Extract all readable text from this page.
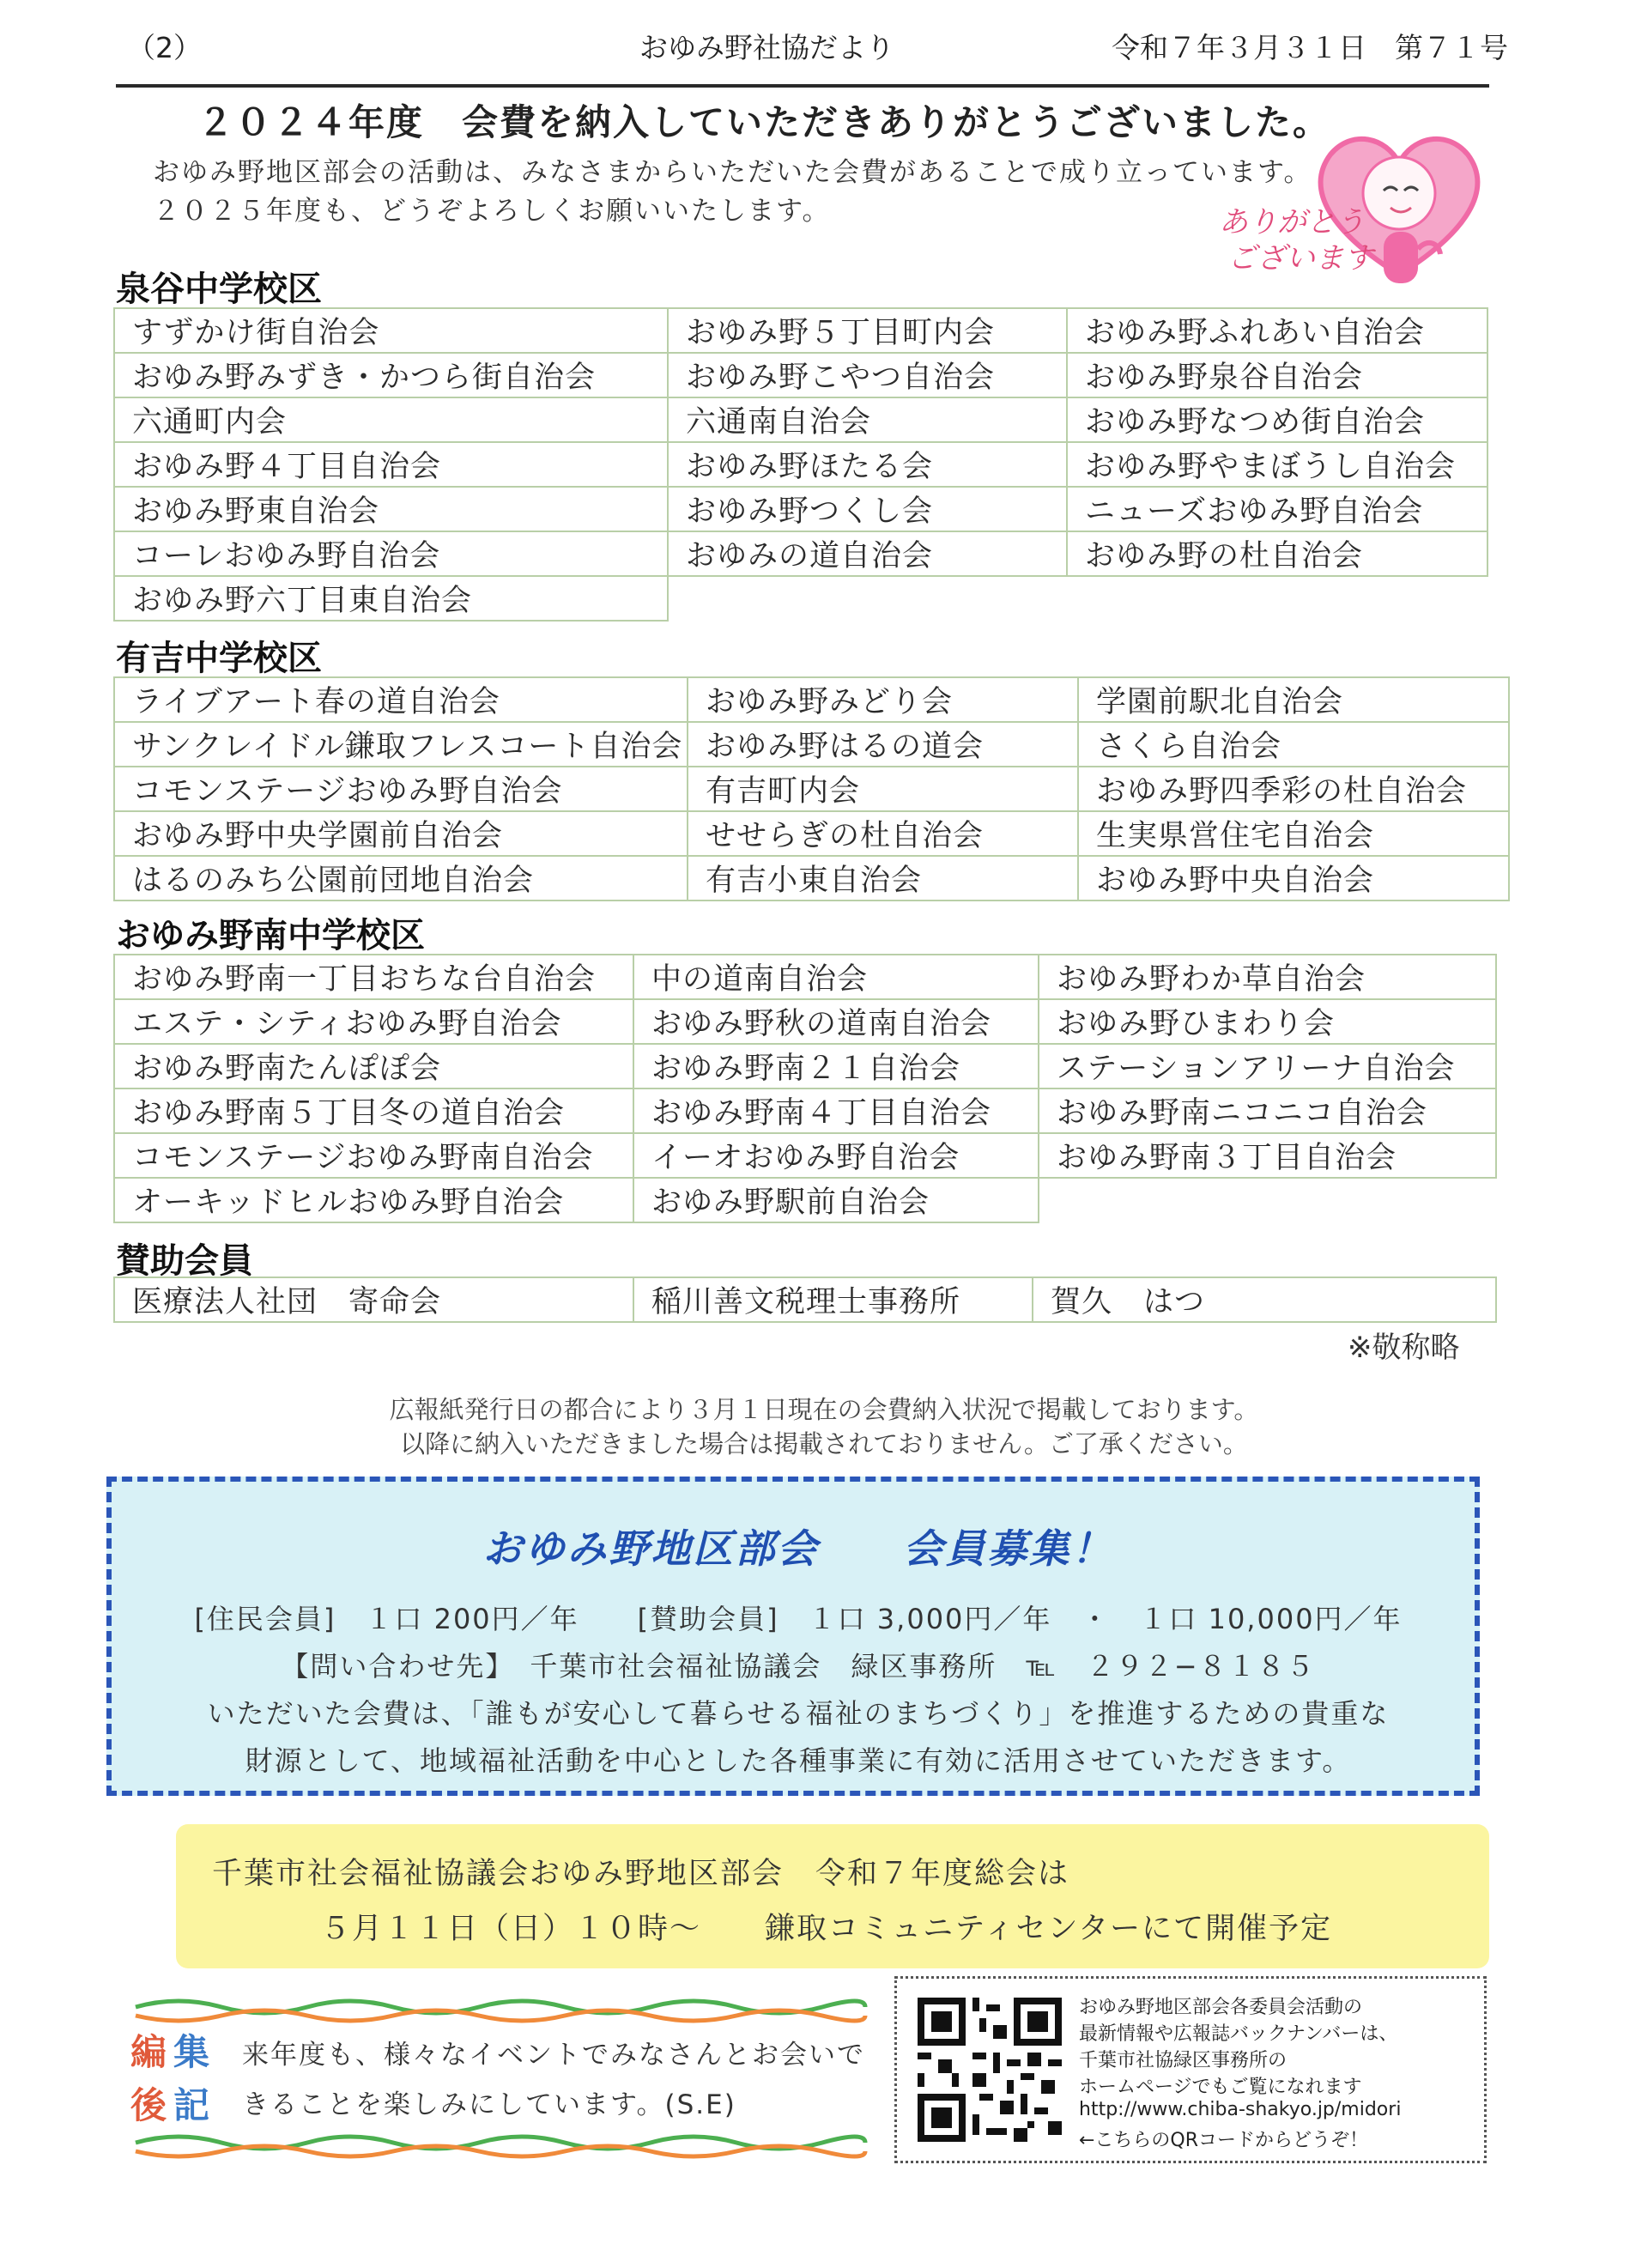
（2）	おゆみ野社協だより	令和７年３月３１日　第７１号
２０２４年度　会費を納入していただきありがとうございました。
おゆみ野地区部会の活動は、みなさまからいただいた会費があることで成り立っています。
２０２５年度も、どうぞよろしくお願いいたします。	ありがとう
ございます
泉谷中学校区
すずかけ街自治会	おゆみ野５丁目町内会	おゆみ野ふれあい自治会
おゆみ野みずき・かつら街自治会	おゆみ野こやつ自治会	おゆみ野泉谷自治会
六通町内会	六通南自治会	おゆみ野なつめ街自治会
おゆみ野４丁目自治会	おゆみ野ほたる会	おゆみ野やまぼうし自治会
おゆみ野東自治会	おゆみ野つくし会	ニューズおゆみ野自治会
コーレおゆみ野自治会	おゆみの道自治会	おゆみ野の杜自治会
おゆみ野六丁目東自治会		
有吉中学校区
ライブアート春の道自治会	おゆみ野みどり会	学園前駅北自治会
サンクレイドル鎌取フレスコート自治会	おゆみ野はるの道会	さくら自治会
コモンステージおゆみ野自治会	有吉町内会	おゆみ野四季彩の杜自治会
おゆみ野中央学園前自治会	せせらぎの杜自治会	生実県営住宅自治会
はるのみち公園前団地自治会	有吉小東自治会	おゆみ野中央自治会
おゆみ野南中学校区
おゆみ野南一丁目おちな台自治会	中の道南自治会	おゆみ野わか草自治会
エステ・シティおゆみ野自治会	おゆみ野秋の道南自治会	おゆみ野ひまわり会
おゆみ野南たんぽぽ会	おゆみ野南２１自治会	ステーションアリーナ自治会
おゆみ野南５丁目冬の道自治会	おゆみ野南４丁目自治会	おゆみ野南ニコニコ自治会
コモンステージおゆみ野南自治会	イーオおゆみ野自治会	おゆみ野南３丁目自治会
オーキッドヒルおゆみ野自治会	おゆみ野駅前自治会	
賛助会員
医療法人社団　寄命会	稲川善文税理士事務所	賀久　はつ
※敬称略
広報紙発行日の都合により３月１日現在の会費納入状況で掲載しております。
以降に納入いただきました場合は掲載されておりません。ご了承ください。
おゆみ野地区部会　　会員募集！
[住民会員]　１口 200円／年　　[賛助会員]　１口 3,000円／年　・　１口 10,000円／年
【問い合わせ先】　千葉市社会福祉協議会　緑区事務所　℡　２９２−８１８５
いただいた会費は、「誰もが安心して暮らせる福祉のまちづくり」を推進するための貴重な
財源として、地域福祉活動を中心とした各種事業に有効に活用させていただきます。
千葉市社会福祉協議会おゆみ野地区部会　令和７年度総会は
５月１１日（日）１０時～　　鎌取コミュニティセンターにて開催予定
編 集
後 記
来年度も、様々なイベントでみなさんとお会いで
きることを楽しみにしています。(S.E)
おゆみ野地区部会各委員会活動の
最新情報や広報誌バックナンバーは、
千葉市社協緑区事務所の
ホームページでもご覧になれます
http://www.chiba-shakyo.jp/midori
←こちらのQRコードからどうぞ！
